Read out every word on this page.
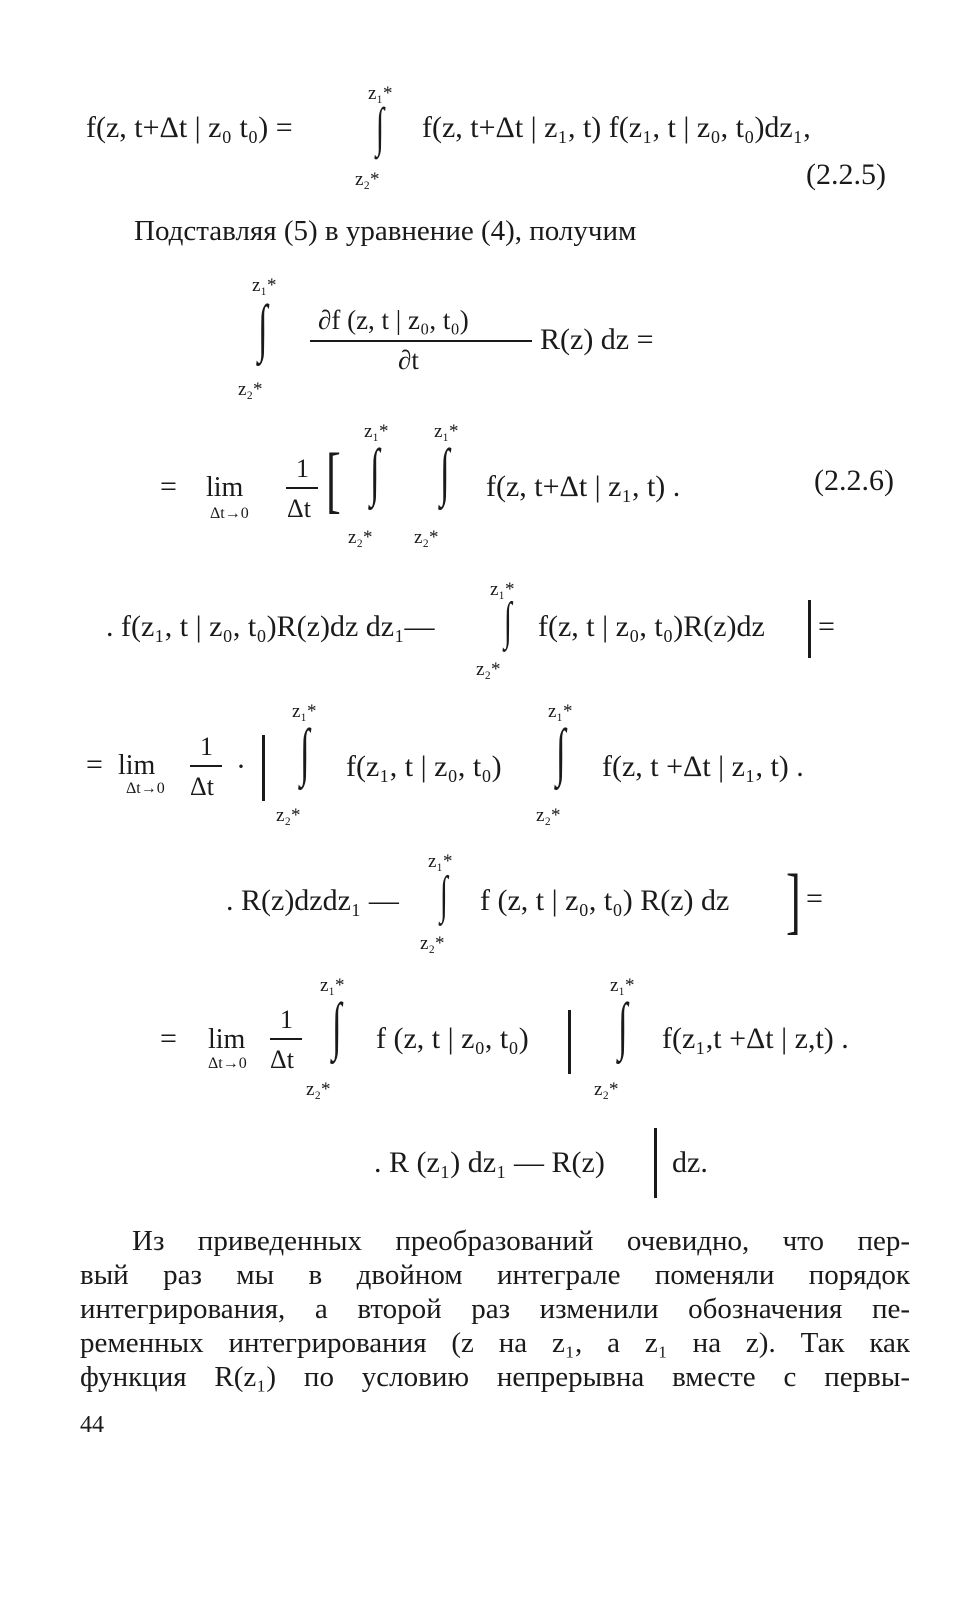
f(z, t+Δt | z₀ t₀) =
z₁*
∫
z₂*
f(z, t+Δt | z₁, t) f(z₁, t | z₀, t₀)dz₁,
(2.2.5)
Подставляя (5) в уравнение (4), получим
z₁*
∫
z₂*
∂f (z, t | z₀, t₀)
∂t
R(z) dz =
= lim
Δt→0
1
Δt [
z₁*
∫
z₂*
z₁*
∫
z₂*
f(z, t+Δt | z₁, t) .	(2.2.6)
. f(z₁, t | z₀, t₀)R(z)dz dz₁—
z₁*
∫
z₂*
f(z, t | z₀, t₀)R(z)dz =
= lim
Δt→0
1
Δt
·
z₁*
∫
z₂*
f(z₁, t | z₀, t₀)
z₁*
∫
z₂*
f(z, t +Δt | z₁, t) .
. R(z)dzdz₁ —
z₁*
∫
z₂*
f (z, t | z₀, t₀) R(z) dz ] =
= lim
Δt→0
1
Δt
z₁*
∫
z₂*
f (z, t | z₀, t₀)
z₁*
∫
z₂*
f(z₁,t +Δt | z,t) .
. R (z₁) dz₁ — R(z) dz.
Из приведенных преобразований очевидно, что пер-
вый раз мы в двойном интеграле поменяли порядок
интегрирования, а второй раз изменили обозначения пе-
ременных интегрирования (z на z₁, а z₁ на z). Так как
функция R(z₁) по условию непрерывна вместе с первы-
44
